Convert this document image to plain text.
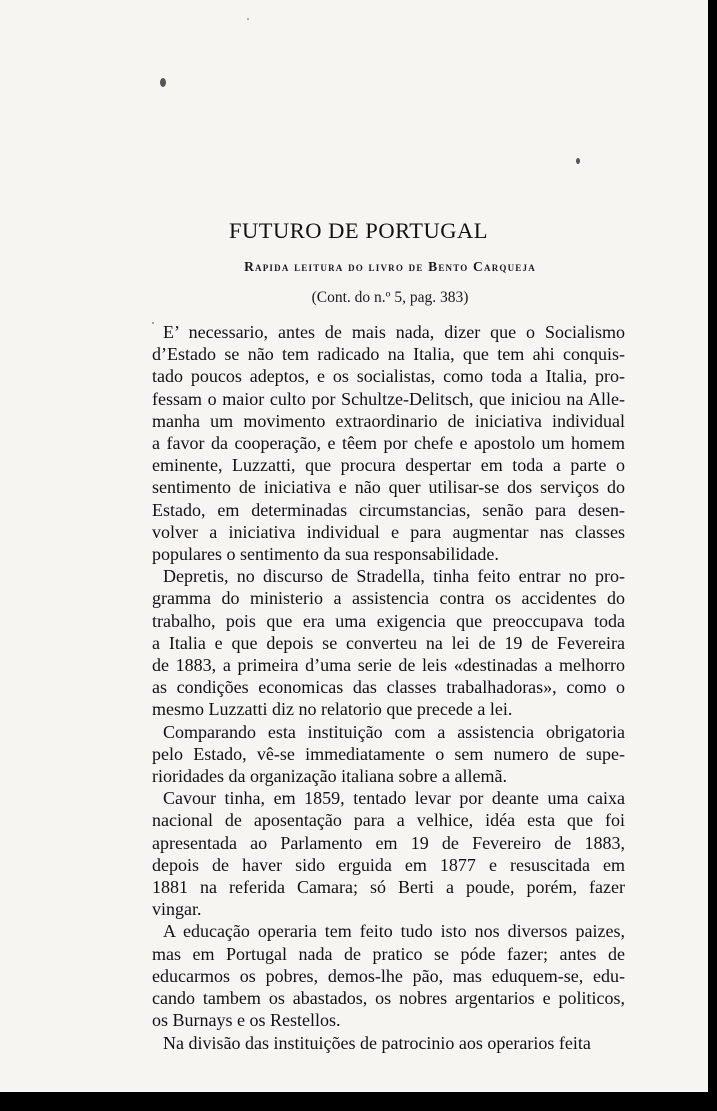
FUTURO DE PORTUGAL
Rapida leitura do livro de Bento Carqueja
(Cont. do n.º 5, pag. 383)
E’ necessario, antes de mais nada, dizer que o Socialismo
d’Estado se não tem radicado na Italia, que tem ahi conquis-
tado poucos adeptos, e os socialistas, como toda a Italia, pro-
fessam o maior culto por Schultze-Delitsch, que iniciou na Alle-
manha um movimento extraordinario de iniciativa individual
a favor da cooperação, e têem por chefe e apostolo um homem
eminente, Luzzatti, que procura despertar em toda a parte o
sentimento de iniciativa e não quer utilisar-se dos serviços do
Estado, em determinadas circumstancias, senão para desen-
volver a iniciativa individual e para augmentar nas classes
populares o sentimento da sua responsabilidade.
Depretis, no discurso de Stradella, tinha feito entrar no pro-
gramma do ministerio a assistencia contra os accidentes do
trabalho, pois que era uma exigencia que preoccupava toda
a Italia e que depois se converteu na lei de 19 de Fevereira
de 1883, a primeira d’uma serie de leis «destinadas a melhorro
as condições economicas das classes trabalhadoras», como o
mesmo Luzzatti diz no relatorio que precede a lei.
Comparando esta instituição com a assistencia obrigatoria
pelo Estado, vê-se immediatamente o sem numero de supe-
rioridades da organização italiana sobre a allemã.
Cavour tinha, em 1859, tentado levar por deante uma caixa
nacional de aposentação para a velhice, idéa esta que foi
apresentada ao Parlamento em 19 de Fevereiro de 1883,
depois de haver sido erguida em 1877 e resuscitada em
1881 na referida Camara; só Berti a poude, porém, fazer
vingar.
A educação operaria tem feito tudo isto nos diversos paizes,
mas em Portugal nada de pratico se póde fazer; antes de
educarmos os pobres, demos-lhe pão, mas eduquem-se, edu-
cando tambem os abastados, os nobres argentarios e politicos,
os Burnays e os Restellos.
Na divisão das instituições de patrocinio aos operarios feita
